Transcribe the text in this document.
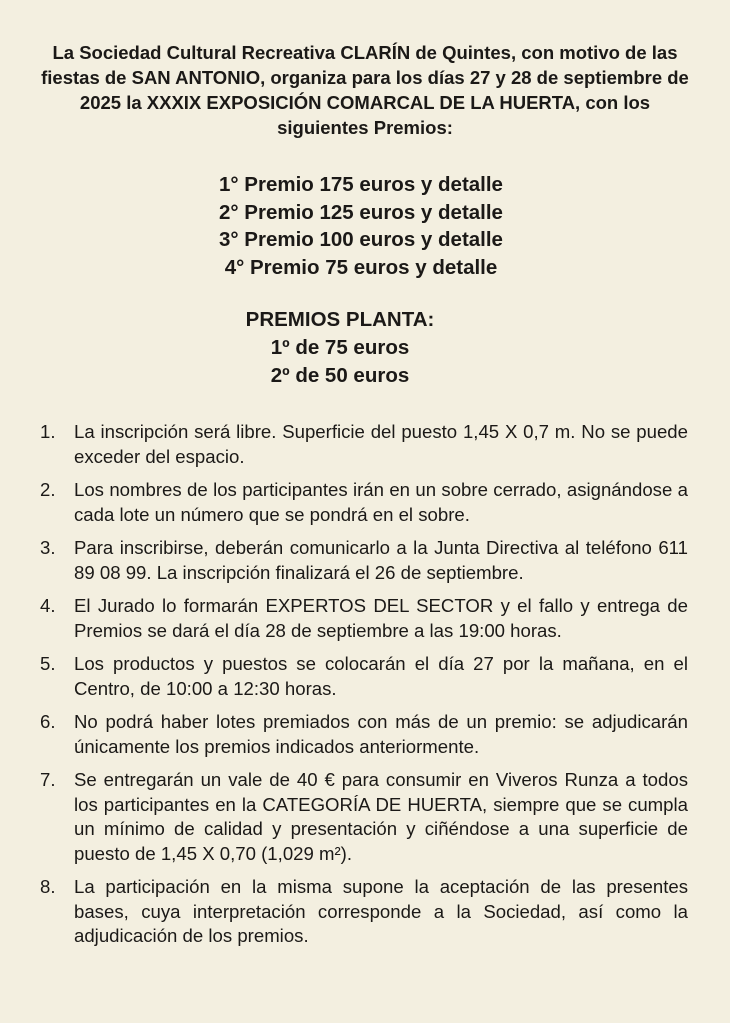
La Sociedad Cultural Recreativa CLARÍN de Quintes, con motivo de las fiestas de SAN ANTONIO, organiza para los días 27 y 28 de septiembre de 2025 la XXXIX EXPOSICIÓN COMARCAL DE LA HUERTA, con los siguientes Premios:
1° Premio 175 euros y detalle
2° Premio 125 euros y detalle
3° Premio 100 euros y detalle
4° Premio 75 euros y detalle
PREMIOS PLANTA:
1º de 75 euros
2º de 50 euros
1. La inscripción será libre. Superficie del puesto 1,45 X 0,7 m. No se puede exceder del espacio.
2. Los nombres de los participantes irán en un sobre cerrado, asignándose a cada lote un número que se pondrá en el sobre.
3. Para inscribirse, deberán comunicarlo a la Junta Directiva al teléfono 611 89 08 99. La inscripción finalizará el 26 de septiembre.
4. El Jurado lo formarán EXPERTOS DEL SECTOR y el fallo y entrega de Premios se dará el día 28 de septiembre a las 19:00 horas.
5. Los productos y puestos se colocarán el día 27 por la mañana, en el Centro, de 10:00 a 12:30 horas.
6. No podrá haber lotes premiados con más de un premio: se adjudicarán únicamente los premios indicados anteriormente.
7. Se entregarán un vale de 40 € para consumir en Viveros Runza a todos los participantes en la CATEGORÍA DE HUERTA, siempre que se cumpla un mínimo de calidad y presentación y ciñéndose a una superficie de puesto de 1,45 X 0,70 (1,029 m²).
8. La participación en la misma supone la aceptación de las presentes bases, cuya interpretación corresponde a la Sociedad, así como la adjudicación de los premios.
